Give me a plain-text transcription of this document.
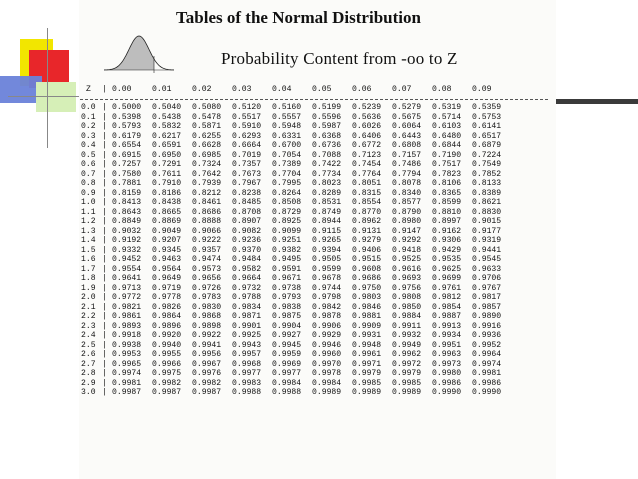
Tables of the Normal Distribution
Probability Content from -oo to Z
Z | 0.00	0.01	0.02	0.03	0.04	0.05	0.06	0.07	0.08	0.09
0.0 | 0.5000 0.5040 0.5080 0.5120 0.5160 0.5199 0.5239 0.5279 0.5319 0.5359
0.1 | 0.5398 0.5438 0.5478 0.5517 0.5557 0.5596 0.5636 0.5675 0.5714 0.5753
0.2 | 0.5793 0.5832 0.5871 0.5910 0.5948 0.5987 0.6026 0.6064 0.6103 0.6141
0.3 | 0.6179 0.6217 0.6255 0.6293 0.6331 0.6368 0.6406 0.6443 0.6480 0.6517
0.4 | 0.6554 0.6591 0.6628 0.6664 0.6700 0.6736 0.6772 0.6808 0.6844 0.6879
0.5 | 0.6915 0.6950 0.6985 0.7019 0.7054 0.7088 0.7123 0.7157 0.7190 0.7224
0.6 | 0.7257 0.7291 0.7324 0.7357 0.7389 0.7422 0.7454 0.7486 0.7517 0.7549
0.7 | 0.7580 0.7611 0.7642 0.7673 0.7704 0.7734 0.7764 0.7794 0.7823 0.7852
0.8 | 0.7881 0.7910 0.7939 0.7967 0.7995 0.8023 0.8051 0.8078 0.8106 0.8133
0.9 | 0.8159 0.8186 0.8212 0.8238 0.8264 0.8289 0.8315 0.8340 0.8365 0.8389
1.0 | 0.8413 0.8438 0.8461 0.8485 0.8508 0.8531 0.8554 0.8577 0.8599 0.8621
1.1 | 0.8643 0.8665 0.8686 0.8708 0.8729 0.8749 0.8770 0.8790 0.8810 0.8830
1.2 | 0.8849 0.8869 0.8888 0.8907 0.8925 0.8944 0.8962 0.8980 0.8997 0.9015
1.3 | 0.9032 0.9049 0.9066 0.9082 0.9099 0.9115 0.9131 0.9147 0.9162 0.9177
1.4 | 0.9192 0.9207 0.9222 0.9236 0.9251 0.9265 0.9279 0.9292 0.9306 0.9319
1.5 | 0.9332 0.9345 0.9357 0.9370 0.9382 0.9394 0.9406 0.9418 0.9429 0.9441
1.6 | 0.9452 0.9463 0.9474 0.9484 0.9495 0.9505 0.9515 0.9525 0.9535 0.9545
1.7 | 0.9554 0.9564 0.9573 0.9582 0.9591 0.9599 0.9608 0.9616 0.9625 0.9633
1.8 | 0.9641 0.9649 0.9656 0.9664 0.9671 0.9678 0.9686 0.9693 0.9699 0.9706
1.9 | 0.9713 0.9719 0.9726 0.9732 0.9738 0.9744 0.9750 0.9756 0.9761 0.9767
2.0 | 0.9772 0.9778 0.9783 0.9788 0.9793 0.9798 0.9803 0.9808 0.9812 0.9817
2.1 | 0.9821 0.9826 0.9830 0.9834 0.9838 0.9842 0.9846 0.9850 0.9854 0.9857
2.2 | 0.9861 0.9864 0.9868 0.9871 0.9875 0.9878 0.9881 0.9884 0.9887 0.9890
2.3 | 0.9893 0.9896 0.9898 0.9901 0.9904 0.9906 0.9909 0.9911 0.9913 0.9916
2.4 | 0.9918 0.9920 0.9922 0.9925 0.9927 0.9929 0.9931 0.9932 0.9934 0.9936
2.5 | 0.9938 0.9940 0.9941 0.9943 0.9945 0.9946 0.9948 0.9949 0.9951 0.9952
2.6 | 0.9953 0.9955 0.9956 0.9957 0.9959 0.9960 0.9961 0.9962 0.9963 0.9964
2.7 | 0.9965 0.9966 0.9967 0.9968 0.9969 0.9970 0.9971 0.9972 0.9973 0.9974
2.8 | 0.9974 0.9975 0.9976 0.9977 0.9977 0.9978 0.9979 0.9979 0.9980 0.9981
2.9 | 0.9981 0.9982 0.9982 0.9983 0.9984 0.9984 0.9985 0.9985 0.9986 0.9986
3.0 | 0.9987 0.9987 0.9987 0.9988 0.9988 0.9989 0.9989 0.9989 0.9990 0.9990
